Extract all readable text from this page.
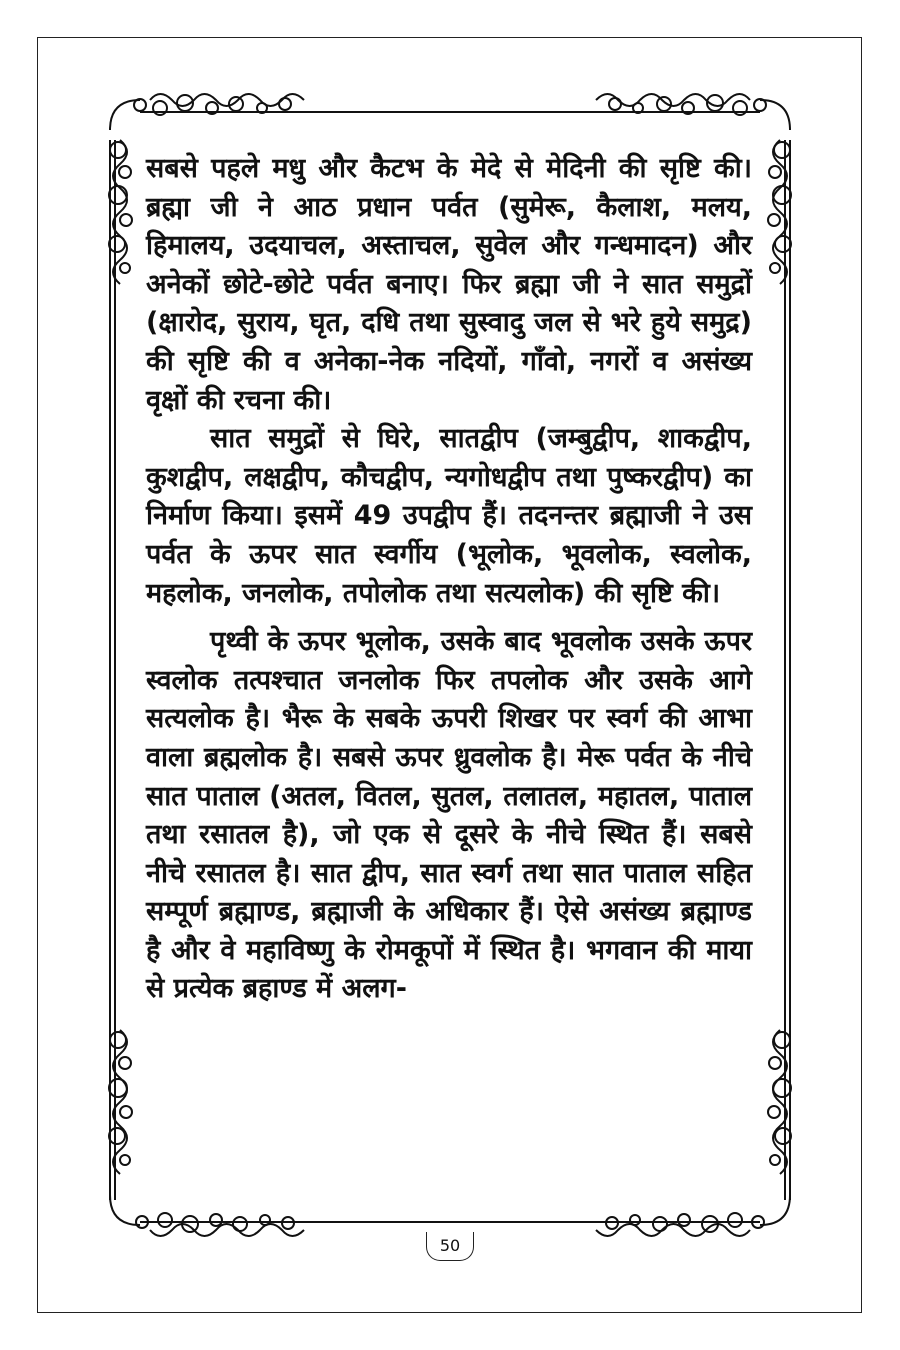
सबसे पहले मधु और कैटभ के मेदे से मेदिनी की सृष्टि की। ब्रह्मा जी ने आठ प्रधान पर्वत (सुमेरू, कैलाश, मलय, हिमालय, उदयाचल, अस्ताचल, सुवेल और गन्धमादन) और अनेकों छोटे-छोटे पर्वत बनाए। फिर ब्रह्मा जी ने सात समुद्रों (क्षारोद, सुराय, घृत, दधि तथा सुस्वादु जल से भरे हुये समुद्र) की सृष्टि की व अनेका-नेक नदियों, गाँवो, नगरों व असंख्य वृक्षों की रचना की।

सात समुद्रों से घिरे, सातद्वीप (जम्बुद्वीप, शाकद्वीप, कुशद्वीप, लक्षद्वीप, कौचद्वीप, न्यगोधद्वीप तथा पुष्करद्वीप) का निर्माण किया। इसमें 49 उपद्वीप हैं। तदनन्तर ब्रह्माजी ने उस पर्वत के ऊपर सात स्वर्गीय (भूलोक, भूवलोक, स्वलोक, महलोक, जनलोक, तपोलोक तथा सत्यलोक) की सृष्टि की।

पृथ्वी के ऊपर भूलोक, उसके बाद भूवलोक उसके ऊपर स्वलोक तत्पश्चात जनलोक फिर तपलोक और उसके आगे सत्यलोक है। भैरू के सबके ऊपरी शिखर पर स्वर्ग की आभा वाला ब्रह्मलोक है। सबसे ऊपर ध्रुवलोक है। मेरू पर्वत के नीचे सात पाताल (अतल, वितल, सुतल, तलातल, महातल, पाताल तथा रसातल है), जो एक से दूसरे के नीचे स्थित हैं। सबसे नीचे रसातल है। सात द्वीप, सात स्वर्ग तथा सात पाताल सहित सम्पूर्ण ब्रह्माण्ड, ब्रह्माजी के अधिकार हैं। ऐसे असंख्य ब्रह्माण्ड है और वे महाविष्णु के रोमकूपों में स्थित है। भगवान की माया से प्रत्येक ब्रहाण्ड में अलग-

50
